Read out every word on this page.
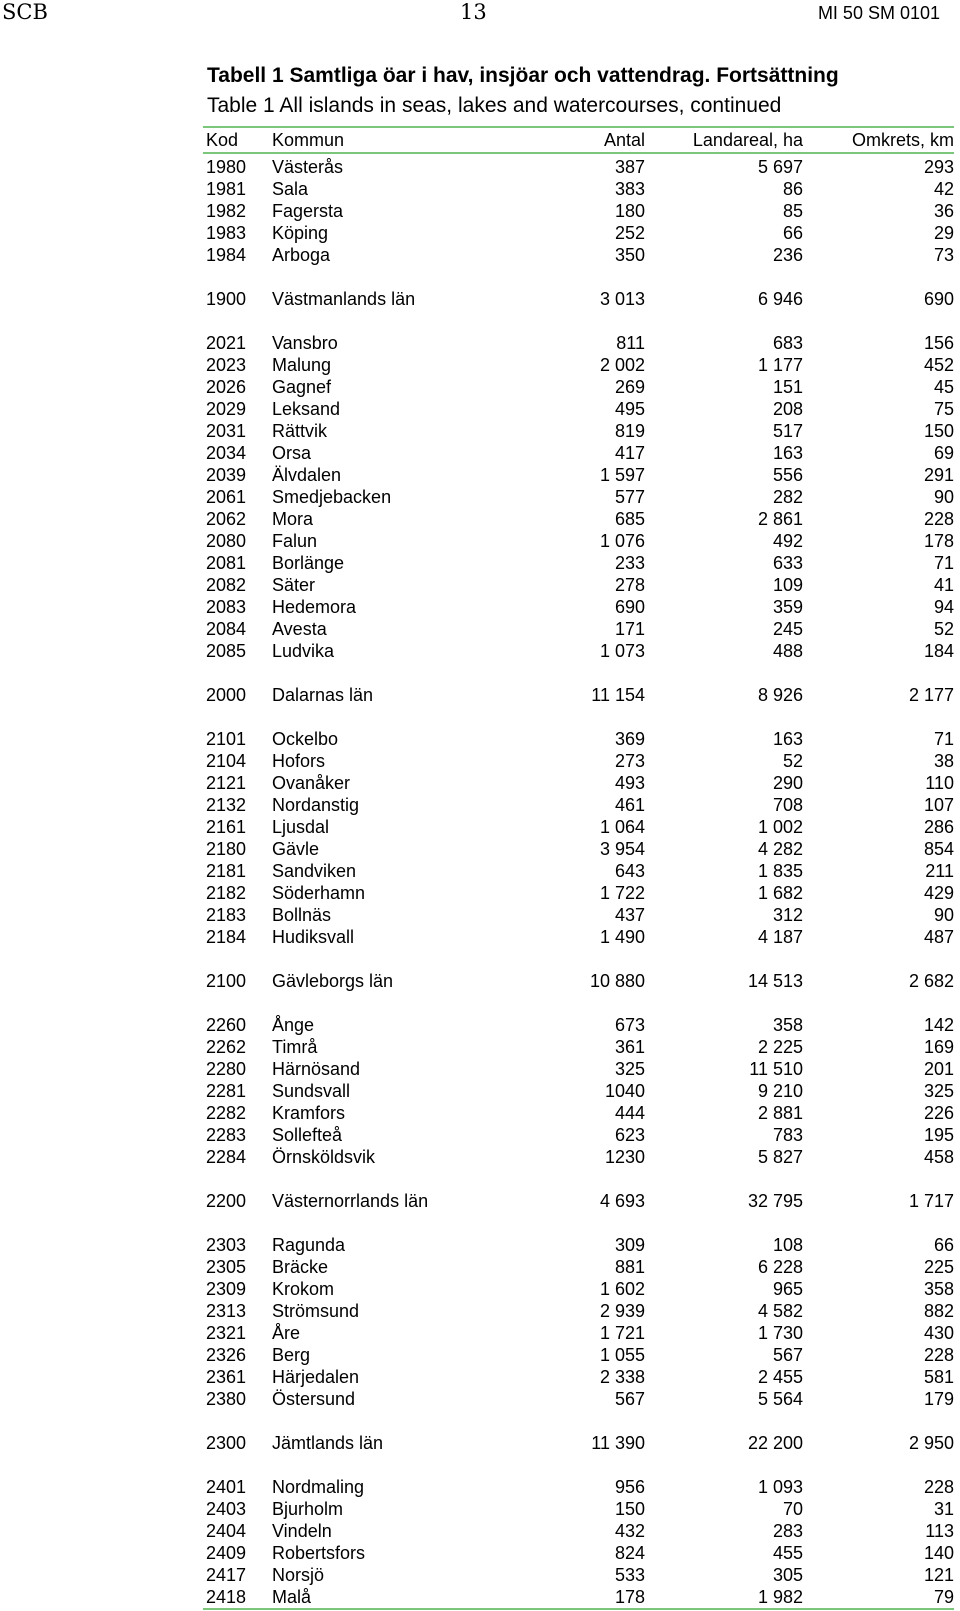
SCB	13	MI 50 SM 0101
Tabell 1 Samtliga öar i hav, insjöar och vattendrag. Fortsättning
Table 1 All islands in seas, lakes and watercourses, continued
Kod	Kommun	Antal	Landareal, ha	Omkrets, km
1980	Västerås	387	5 697	293
1981	Sala	383	86	42
1982	Fagersta	180	85	36
1983	Köping	252	66	29
1984	Arboga	350	236	73

1900	Västmanlands län	3 013	6 946	690

2021	Vansbro	811	683	156
2023	Malung	2 002	1 177	452
2026	Gagnef	269	151	45
2029	Leksand	495	208	75
2031	Rättvik	819	517	150
2034	Orsa	417	163	69
2039	Älvdalen	1 597	556	291
2061	Smedjebacken	577	282	90
2062	Mora	685	2 861	228
2080	Falun	1 076	492	178
2081	Borlänge	233	633	71
2082	Säter	278	109	41
2083	Hedemora	690	359	94
2084	Avesta	171	245	52
2085	Ludvika	1 073	488	184

2000	Dalarnas län	11 154	8 926	2 177

2101	Ockelbo	369	163	71
2104	Hofors	273	52	38
2121	Ovanåker	493	290	110
2132	Nordanstig	461	708	107
2161	Ljusdal	1 064	1 002	286
2180	Gävle	3 954	4 282	854
2181	Sandviken	643	1 835	211
2182	Söderhamn	1 722	1 682	429
2183	Bollnäs	437	312	90
2184	Hudiksvall	1 490	4 187	487

2100	Gävleborgs län	10 880	14 513	2 682

2260	Ånge	673	358	142
2262	Timrå	361	2 225	169
2280	Härnösand	325	11 510	201
2281	Sundsvall	1040	9 210	325
2282	Kramfors	444	2 881	226
2283	Sollefteå	623	783	195
2284	Örnsköldsvik	1230	5 827	458

2200	Västernorrlands län	4 693	32 795	1 717

2303	Ragunda	309	108	66
2305	Bräcke	881	6 228	225
2309	Krokom	1 602	965	358
2313	Strömsund	2 939	4 582	882
2321	Åre	1 721	1 730	430
2326	Berg	1 055	567	228
2361	Härjedalen	2 338	2 455	581
2380	Östersund	567	5 564	179

2300	Jämtlands län	11 390	22 200	2 950

2401	Nordmaling	956	1 093	228
2403	Bjurholm	150	70	31
2404	Vindeln	432	283	113
2409	Robertsfors	824	455	140
2417	Norsjö	533	305	121
2418	Malå	178	1 982	79
